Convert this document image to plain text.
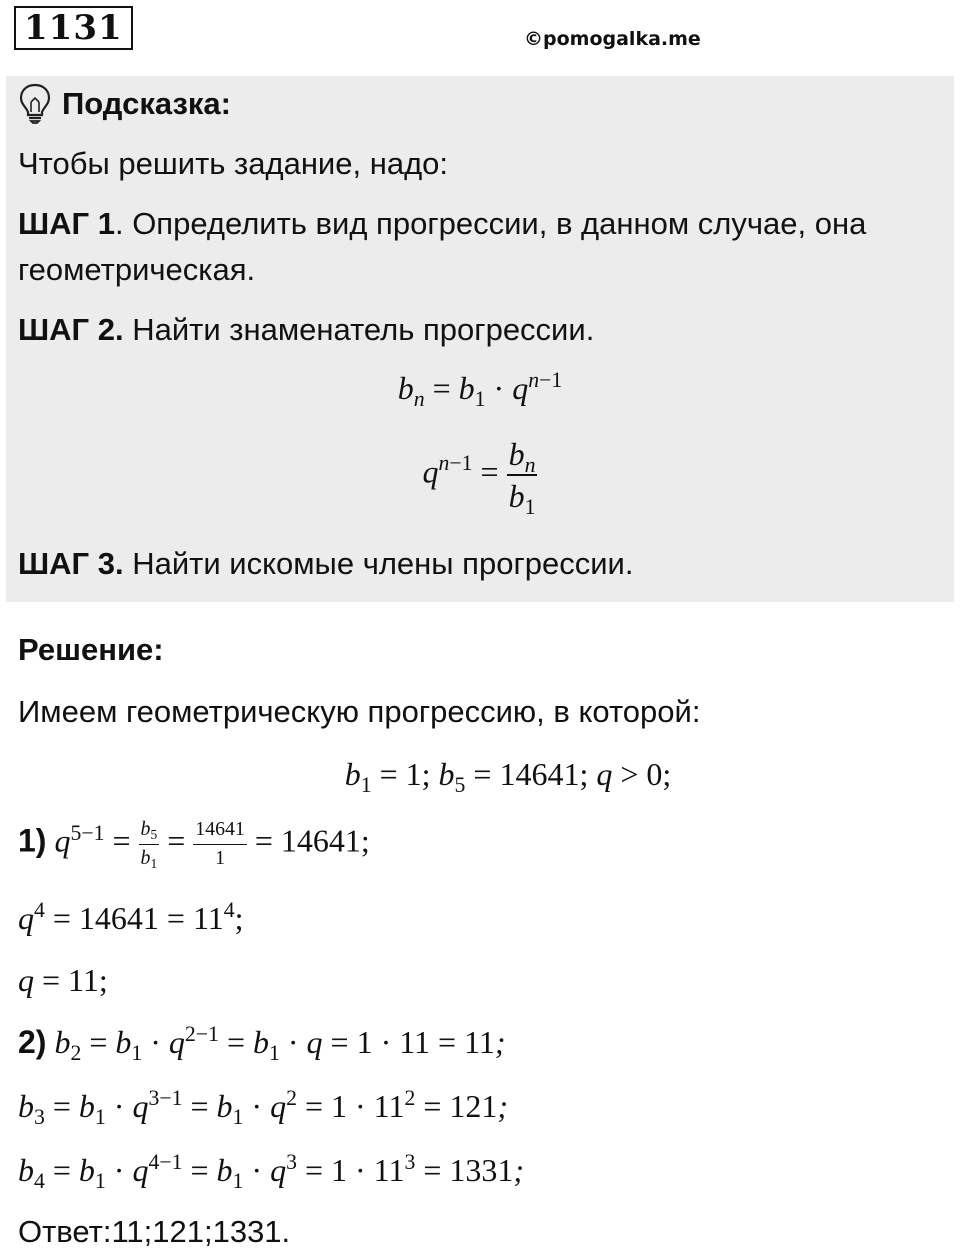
1131	©pomogalka.me
Подсказка:
Чтобы решить задание, надо:
ШАГ 1. Определить вид прогрессии, в данном случае, она
геометрическая.
ШАГ 2. Найти знаменатель прогрессии.
$b_n = b_1 \cdot q^{n-1}$
$q^{n-1} = \frac{b_n}{b_1}$
ШАГ 3. Найти искомые члены прогрессии.
Решение:
Имеем геометрическую прогрессию, в которой:
$b_1 = 1$; $b_5 = 14641$; q > 0;
1) $q^{5-1} = \frac{b_5}{b_1} = \frac{14641}{1} = 14641$;
$q^4 = 14641 = 11^4$;
q = 11;
2) $b_2 = b_1 \cdot q^{2-1} = b_1 \cdot q = 1 \cdot 11 = 11$;
$b_3 = b_1 \cdot q^{3-1} = b_1 \cdot q^2 = 1 \cdot 11^2 = 121$;
$b_4 = b_1 \cdot q^{4-1} = b_1 \cdot q^3 = 1 \cdot 11^3 = 1331$;
Ответ:11;121;1331.
